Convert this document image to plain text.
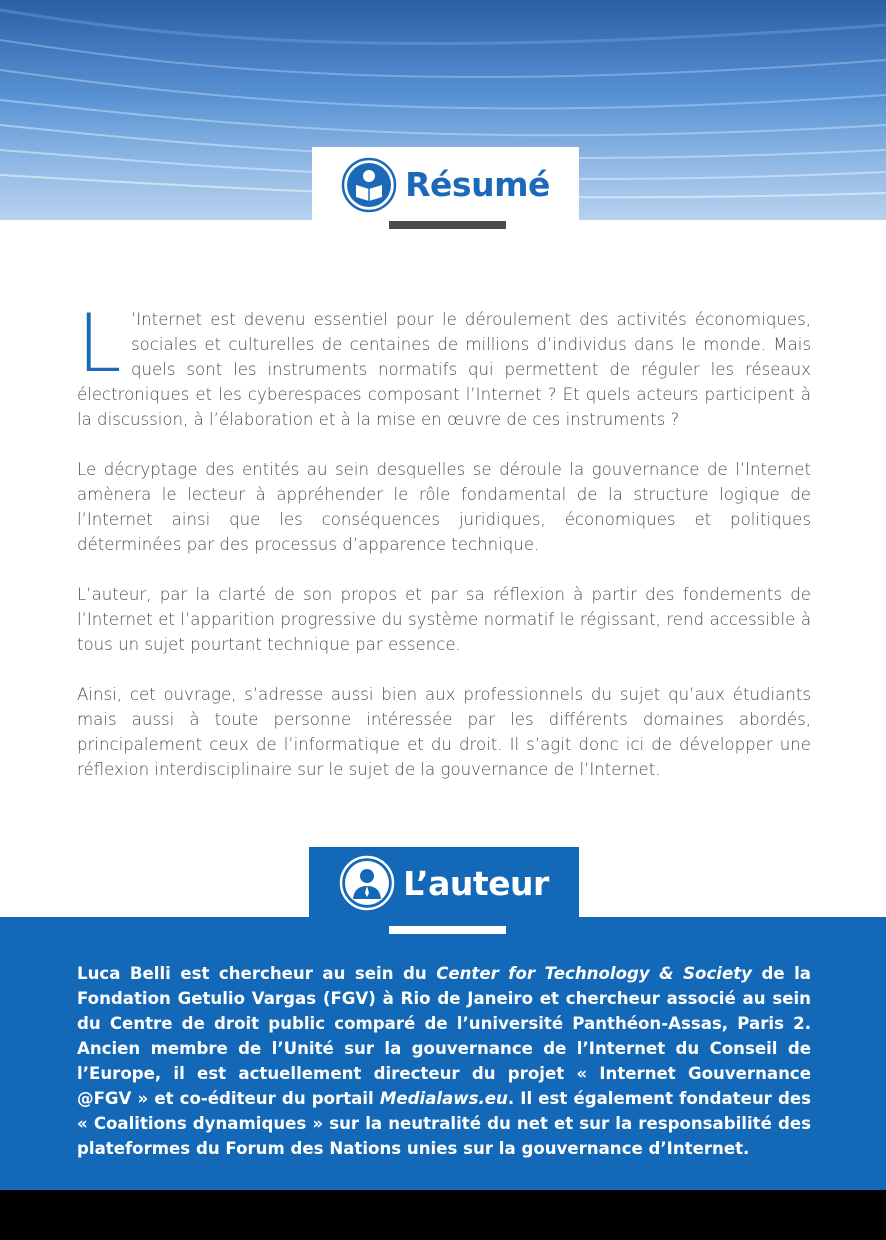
Résumé

L ’Internet est devenu essentiel pour le déroulement des activités économiques, sociales et culturelles de centaines de millions d’individus dans le monde. Mais quels sont les instruments normatifs qui permettent de réguler les réseaux électroniques et les cyberespaces composant l’Internet ? Et quels acteurs participent à la discussion, à l’élaboration et à la mise en œuvre de ces instruments ?

Le décryptage des entités au sein desquelles se déroule la gouvernance de l’Internet amènera le lecteur à appréhender le rôle fondamental de la structure logique de l’Internet ainsi que les conséquences juridiques, économiques et politiques déterminées par des processus d’apparence technique.

L’auteur, par la clarté de son propos et par sa réflexion à partir des fondements de l’Internet et l’apparition progressive du système normatif le régissant, rend accessible à tous un sujet pourtant technique par essence.

Ainsi, cet ouvrage, s’adresse aussi bien aux professionnels du sujet qu’aux étudiants mais aussi à toute personne intéressée par les différents domaines abordés, principalement ceux de l’informatique et du droit. Il s’agit donc ici de développer une réflexion interdisciplinaire sur le sujet de la gouvernance de l’Internet.

L’auteur
Luca Belli est chercheur au sein du Center for Technology & Society de la Fondation Getulio Vargas (FGV) à Rio de Janeiro et chercheur associé au sein du Centre de droit public comparé de l’université Panthéon-Assas, Paris 2. Ancien membre de l’Unité sur la gouvernance de l’Internet du Conseil de l’Europe, il est actuellement directeur du projet « Internet Gouvernance @FGV » et co-éditeur du portail Medialaws.eu. Il est également fondateur des « Coalitions dynamiques » sur la neutralité du net et sur la responsabilité des plateformes du Forum des Nations unies sur la gouvernance d’Internet.
